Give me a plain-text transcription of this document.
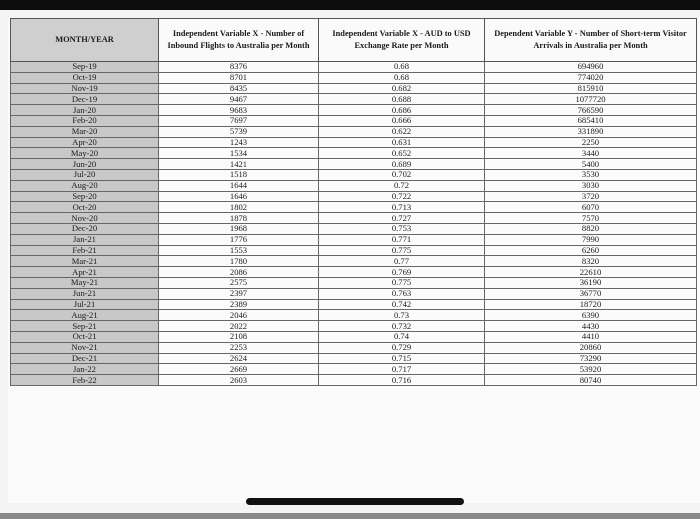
MONTH/YEAR	Independent Variable X - Number of Inbound Flights to Australia per Month	Independent Variable X - AUD to USD Exchange Rate per Month	Dependent Variable Y - Number of Short-term Visitor Arrivals in Australia per Month
Sep-19	8376	0.68	694960
Oct-19	8701	0.68	774020
Nov-19	8435	0.682	815910
Dec-19	9467	0.688	1077720
Jan-20	9683	0.686	766590
Feb-20	7697	0.666	685410
Mar-20	5739	0.622	331890
Apr-20	1243	0.631	2250
May-20	1534	0.652	3440
Jun-20	1421	0.689	5400
Jul-20	1518	0.702	3530
Aug-20	1644	0.72	3030
Sep-20	1646	0.722	3720
Oct-20	1802	0.713	6070
Nov-20	1878	0.727	7570
Dec-20	1968	0.753	8820
Jan-21	1776	0.771	7990
Feb-21	1553	0.775	6260
Mar-21	1780	0.77	8320
Apr-21	2086	0.769	22610
May-21	2575	0.775	36190
Jun-21	2397	0.763	36770
Jul-21	2389	0.742	18720
Aug-21	2046	0.73	6390
Sep-21	2022	0.732	4430
Oct-21	2108	0.74	4410
Nov-21	2253	0.729	20860
Dec-21	2624	0.715	73290
Jan-22	2669	0.717	53920
Feb-22	2603	0.716	80740
